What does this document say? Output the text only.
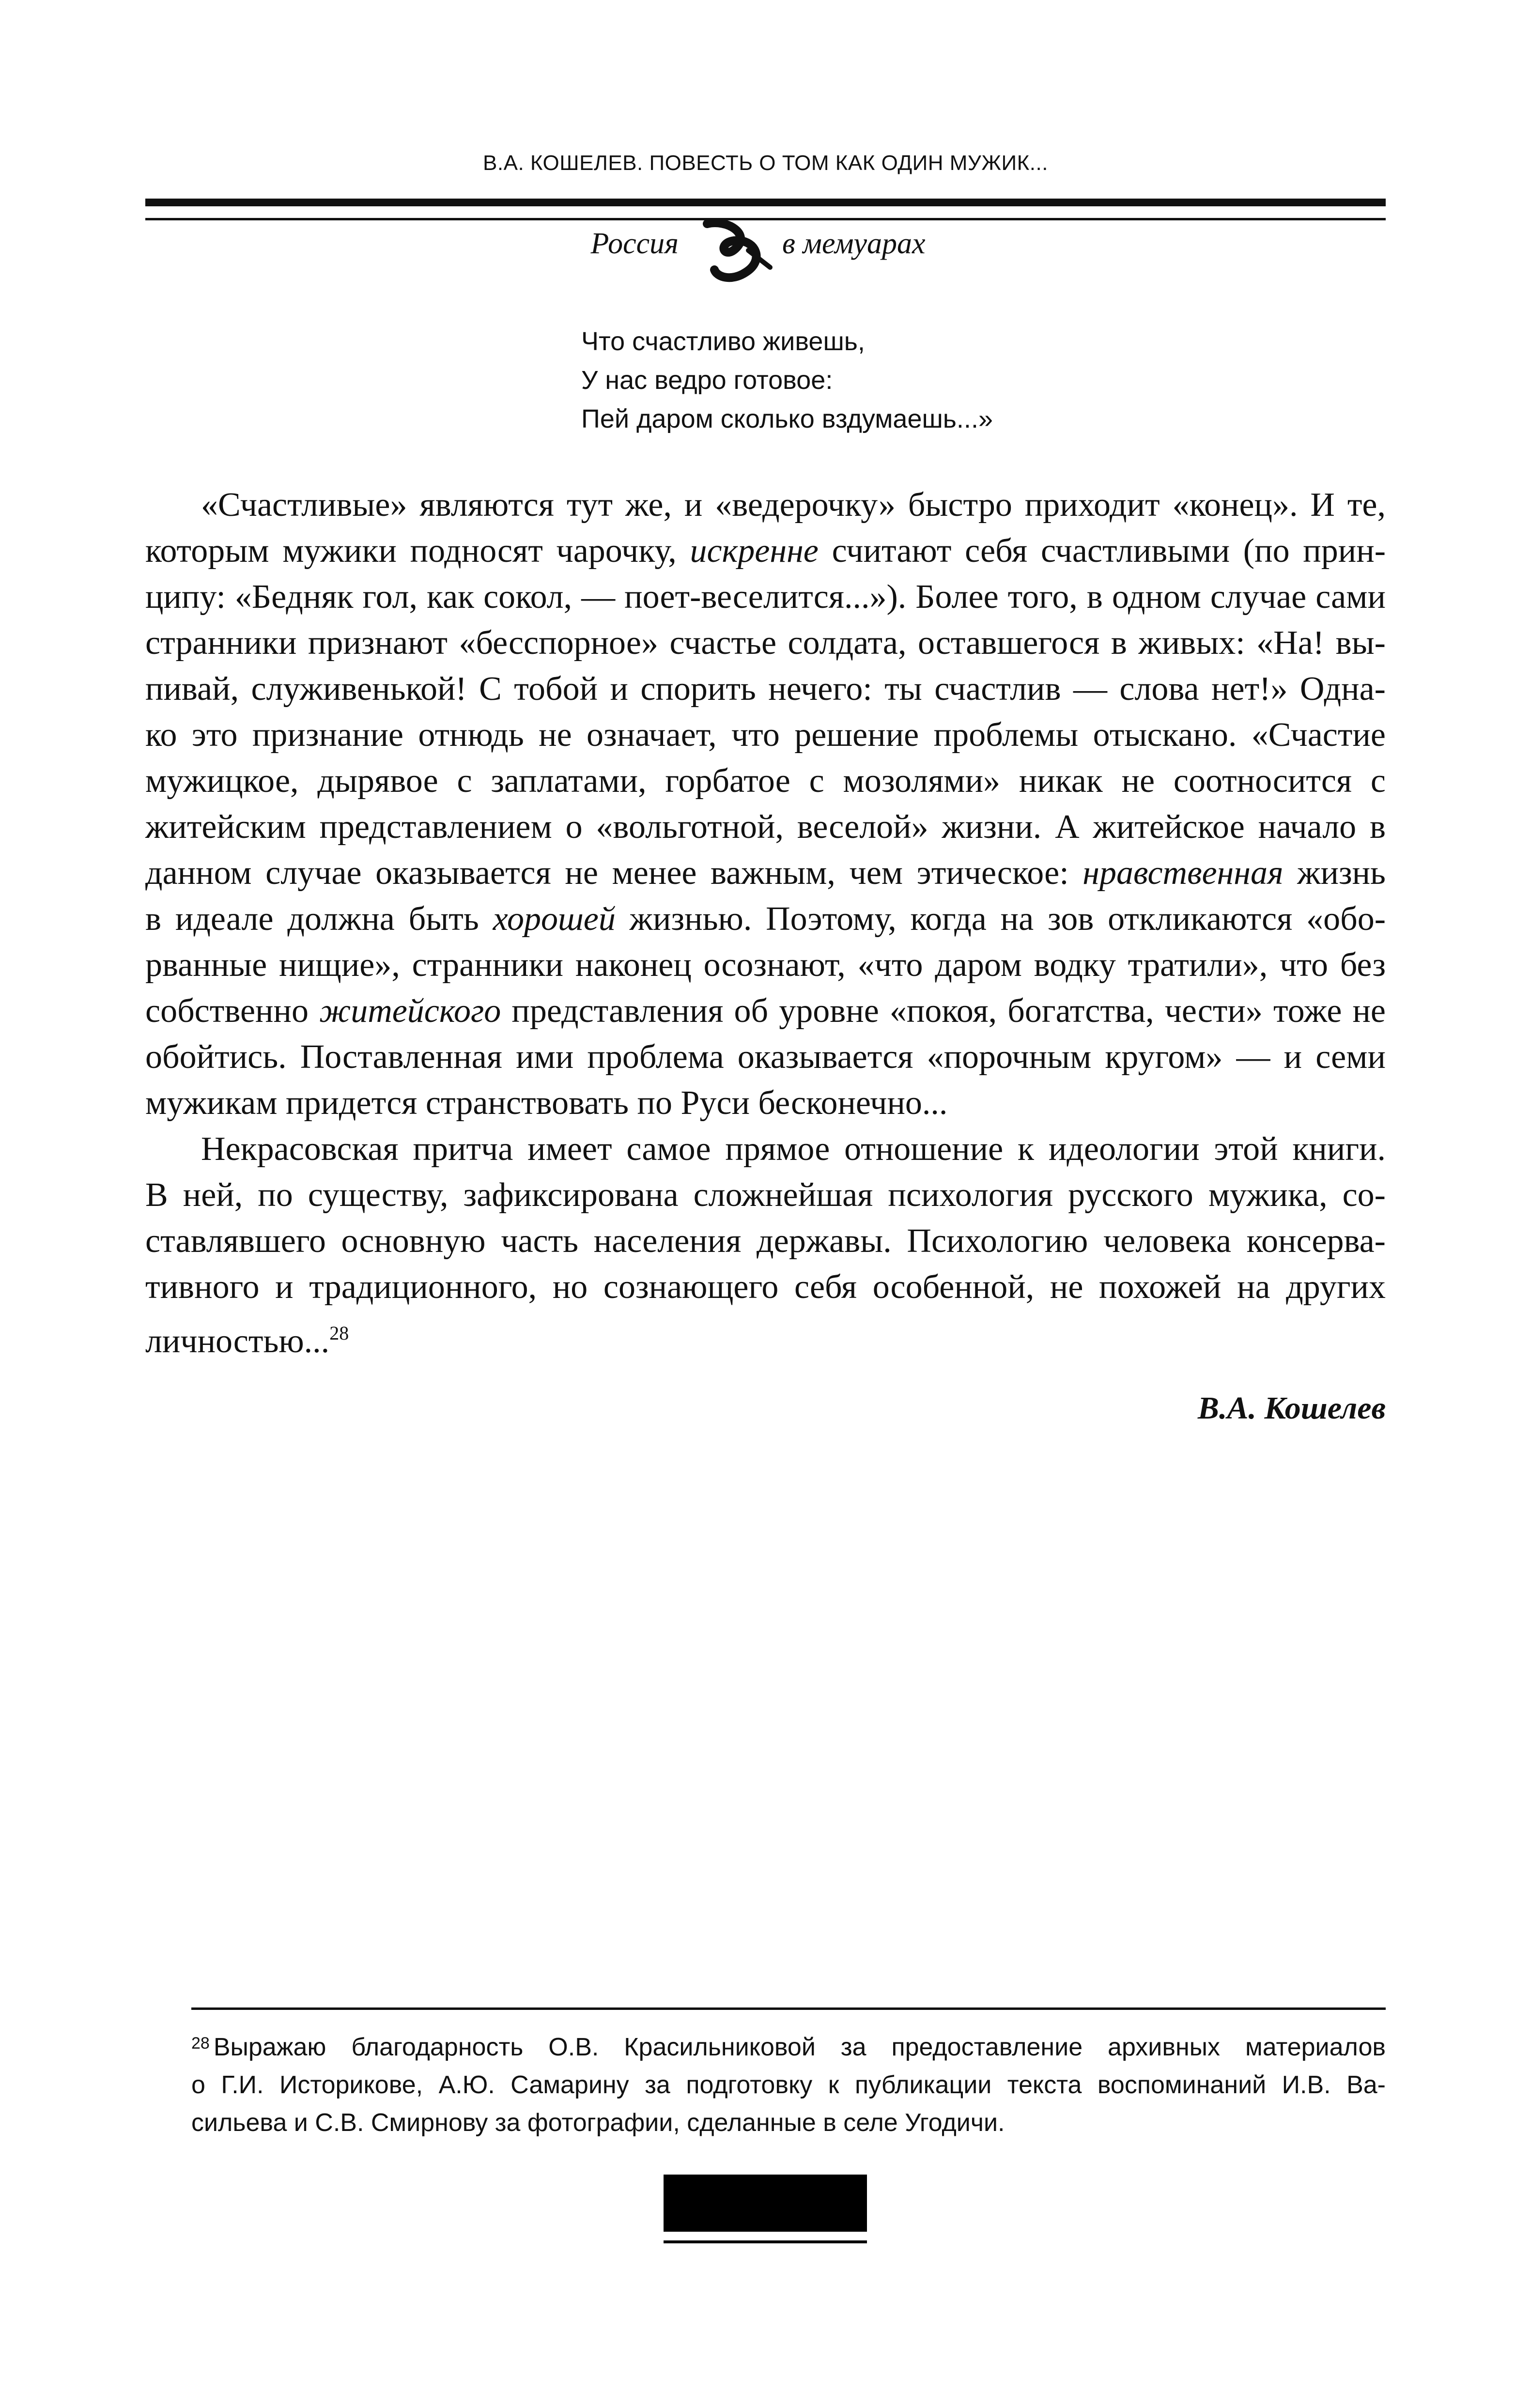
В.А. КОШЕЛЕВ. ПОВЕСТЬ О ТОМ КАК ОДИН МУЖИК...
Россия	в мемуарах
Что счастливо живешь,
У нас ведро готовое:
Пей даром сколько вздумаешь...»
«Счастливые» являются тут же, и «ведерочку» быстро приходит «конец». И те,
которым мужики подносят чарочку, искренне считают себя счастливыми (по прин-
ципу: «Бедняк гол, как сокол, — поет-веселится...»). Более того, в одном случае сами
странники признают «бесспорное» счастье солдата, оставшегося в живых: «На! вы-
пивай, служивенькой! С тобой и спорить нечего: ты счастлив — слова нет!» Одна-
ко это признание отнюдь не означает, что решение проблемы отыскано. «Счастие
мужицкое, дырявое с заплатами, горбатое с мозолями» никак не соотносится с
житейским представлением о «вольготной, веселой» жизни. А житейское начало в
данном случае оказывается не менее важным, чем этическое: нравственная жизнь
в идеале должна быть хорошей жизнью. Поэтому, когда на зов откликаются «обо-
рванные нищие», странники наконец осознают, «что даром водку тратили», что без
собственно житейского представления об уровне «покоя, богатства, чести» тоже не
обойтись. Поставленная ими проблема оказывается «порочным кругом» — и семи
мужикам придется странствовать по Руси бесконечно...
Некрасовская притча имеет самое прямое отношение к идеологии этой книги.
В ней, по существу, зафиксирована сложнейшая психология русского мужика, со-
ставлявшего основную часть населения державы. Психологию человека консерва-
тивного и традиционного, но сознающего себя особенной, не похожей на других
личностью...$^{28}$
В.А. Кошелев
$^{28}$ Выражаю благодарность О.В. Красильниковой за предоставление архивных материалов
о Г.И. Историкове, А.Ю. Самарину за подготовку к публикации текста воспоминаний И.В. Ва-
сильева и С.В. Смирнову за фотографии, сделанные в селе Угодичи.
